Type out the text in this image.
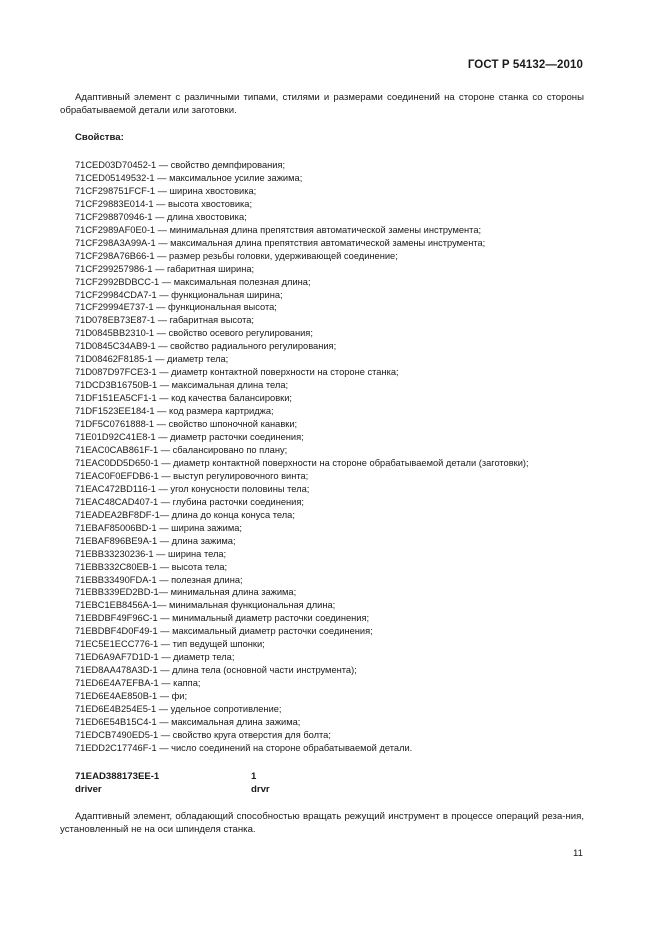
ГОСТ Р 54132—2010

Адаптивный элемент с различными типами, стилями и размерами соединений на стороне станка со стороны обрабатываемой детали или заготовки.

Свойства:
71CED03D70452-1 — свойство демпфирования;
71CED05149532-1 — максимальное усилие зажима;
71CF298751FCF-1 — ширина хвостовика;
71CF29883E014-1 — высота хвостовика;
71CF298870946-1 — длина хвостовика;
71CF2989AF0E0-1 — минимальная длина препятствия автоматической замены инструмента;
71CF298A3A99A-1 — максимальная длина препятствия автоматической замены инструмента;
71CF298A76B66-1 — размер резьбы головки, удерживающей соединение;
71CF299257986-1 — габаритная ширина;
71CF2992BDBCC-1 — максимальная полезная длина;
71CF29984CDA7-1 — функциональная ширина;
71CF29994E737-1 — функциональная высота;
71D078EB73E87-1 — габаритная высота;
71D0845BB2310-1 — свойство осевого регулирования;
71D0845C34AB9-1 — свойство радиального регулирования;
71D08462F8185-1 — диаметр тела;
71D087D97FCE3-1 — диаметр контактной поверхности на стороне станка;
71DCD3B16750B-1 — максимальная длина тела;
71DF151EA5CF1-1 — код качества балансировки;
71DF1523EE184-1 — код размера картриджа;
71DF5C0761888-1 — свойство шпоночной канавки;
71E01D92C41E8-1 — диаметр расточки соединения;
71EAC0CAB861F-1 — сбалансировано по плану;
71EAC0DD5D650-1 — диаметр контактной поверхности на стороне обрабатываемой детали (заготовки);
71EAC0F0EFDB6-1 — выступ регулировочного винта;
71EAC472BD116-1 — угол конусности половины тела;
71EAC48CAD407-1 — глубина расточки соединения;
71EADEA2BF8DF-1— длина до конца конуса тела;
71EBAF85006BD-1 — ширина зажима;
71EBAF896BE9A-1 — длина зажима;
71EBB33230236-1 — ширина тела;
71EBB332C80EB-1 — высота тела;
71EBB33490FDA-1 — полезная длина;
71EBB339ED2BD-1— минимальная длина зажима;
71EBC1EB8456A-1— минимальная функциональная длина;
71EBDBF49F96C-1 — минимальный диаметр расточки соединения;
71EBDBF4D0F49-1 — максимальный диаметр расточки соединения;
71EC5E1ECC776-1 — тип ведущей шпонки;
71ED6A9AF7D1D-1 — диаметр тела;
71ED8AA478A3D-1 — длина тела (основной части инструмента);
71ED6E4A7EFBA-1 — каппа;
71ED6E4AE850B-1 — фи;
71ED6E4B254E5-1 — удельное сопротивление;
71ED6E54B15C4-1 — максимальная длина зажима;
71EDCB7490ED5-1 — свойство круга отверстия для болта;
71EDD2C17746F-1 — число соединений на стороне обрабатываемой детали.
71EAD388173EE-1	1
driver	drvr

Адаптивный элемент, обладающий способностью вращать режущий инструмент в процессе операций реза-ния, установленный не на оси шпинделя станка.

11
